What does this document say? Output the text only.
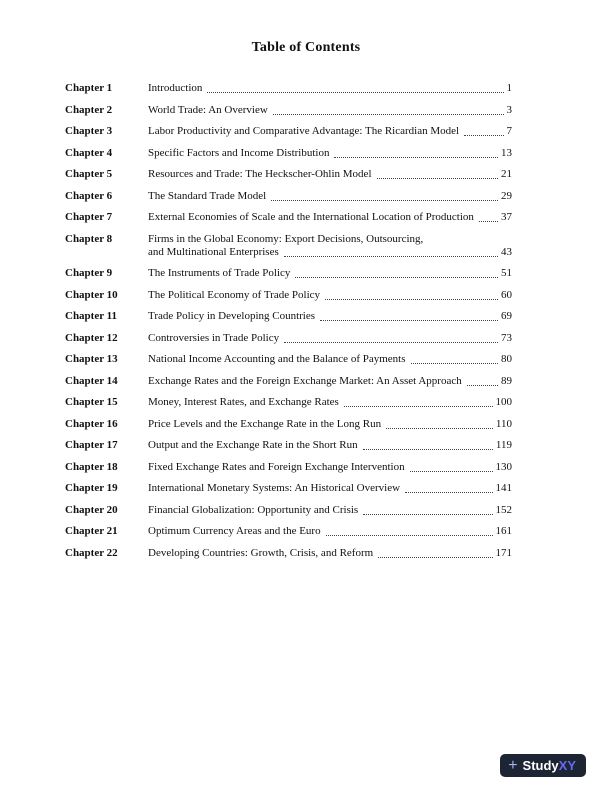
Table of Contents
Chapter 1	Introduction	1
Chapter 2	World Trade: An Overview	3
Chapter 3	Labor Productivity and Comparative Advantage: The Ricardian Model	7
Chapter 4	Specific Factors and Income Distribution	13
Chapter 5	Resources and Trade: The Heckscher-Ohlin Model	21
Chapter 6	The Standard Trade Model	29
Chapter 7	External Economies of Scale and the International Location of Production 37
Chapter 8	Firms in the Global Economy: Export Decisions, Outsourcing,
and Multinational Enterprises	43
Chapter 9	The Instruments of Trade Policy	51
Chapter 10	The Political Economy of Trade Policy	60
Chapter 11	Trade Policy in Developing Countries	69
Chapter 12	Controversies in Trade Policy	73
Chapter 13	National Income Accounting and the Balance of Payments	80
Chapter 14	Exchange Rates and the Foreign Exchange Market: An Asset Approach	89
Chapter 15	Money, Interest Rates, and Exchange Rates	100
Chapter 16	Price Levels and the Exchange Rate in the Long Run	110
Chapter 17	Output and the Exchange Rate in the Short Run	119
Chapter 18	Fixed Exchange Rates and Foreign Exchange Intervention	130
Chapter 19	International Monetary Systems: An Historical Overview	141
Chapter 20	Financial Globalization: Opportunity and Crisis	152
Chapter 21	Optimum Currency Areas and the Euro	161
Chapter 22	Developing Countries: Growth, Crisis, and Reform	171
+ Study XY
